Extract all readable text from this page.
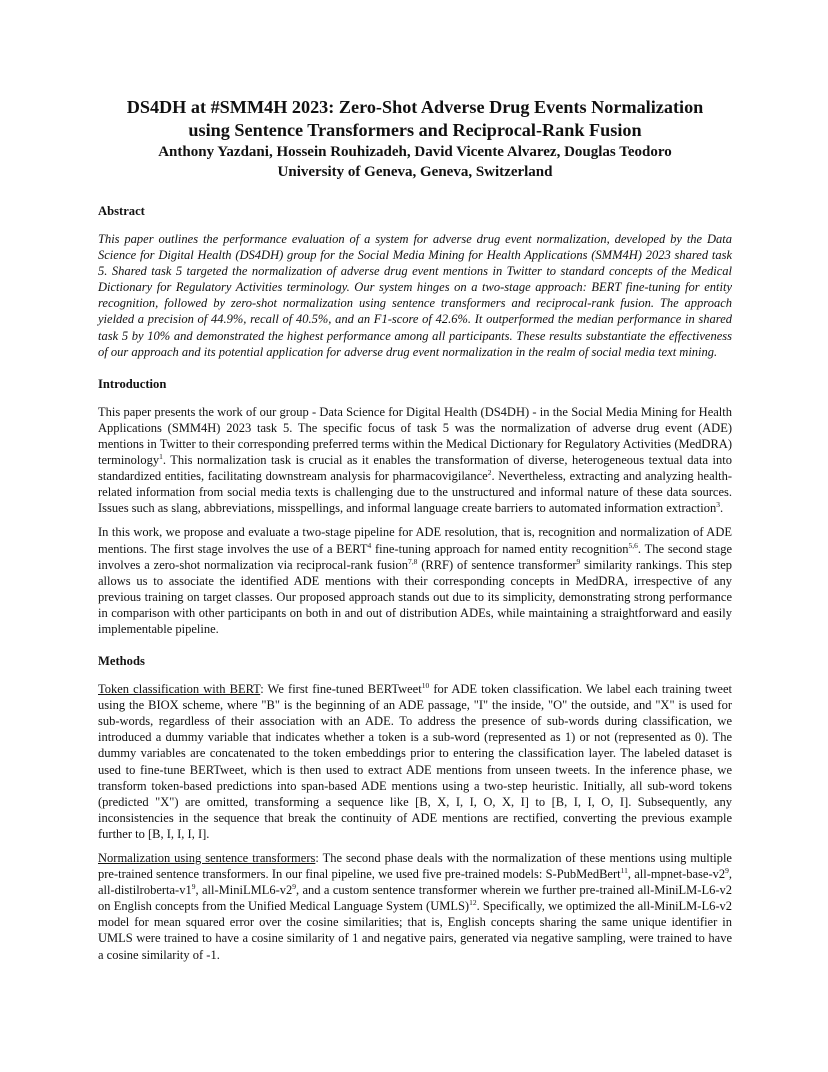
DS4DH at #SMM4H 2023: Zero-Shot Adverse Drug Events Normalization
using Sentence Transformers and Reciprocal-Rank Fusion
Anthony Yazdani, Hossein Rouhizadeh, David Vicente Alvarez, Douglas Teodoro
University of Geneva, Geneva, Switzerland
Abstract

This paper outlines the performance evaluation of a system for adverse drug event normalization, developed by the Data Science for Digital Health (DS4DH) group for the Social Media Mining for Health Applications (SMM4H) 2023 shared task 5. Shared task 5 targeted the normalization of adverse drug event mentions in Twitter to standard concepts of the Medical Dictionary for Regulatory Activities terminology. Our system hinges on a two-stage approach: BERT fine-tuning for entity recognition, followed by zero-shot normalization using sentence transformers and reciprocal-rank fusion. The approach yielded a precision of 44.9%, recall of 40.5%, and an F1-score of 42.6%. It outperformed the median performance in shared task 5 by 10% and demonstrated the highest performance among all participants. These results substantiate the effectiveness of our approach and its potential application for adverse drug event normalization in the realm of social media text mining.

Introduction

This paper presents the work of our group - Data Science for Digital Health (DS4DH) - in the Social Media Mining for Health Applications (SMM4H) 2023 task 5. The specific focus of task 5 was the normalization of adverse drug event (ADE) mentions in Twitter to their corresponding preferred terms within the Medical Dictionary for Regulatory Activities (MedDRA) terminology$^1$. This normalization task is crucial as it enables the transformation of diverse, heterogeneous textual data into standardized entities, facilitating downstream analysis for pharmacovigilance$^2$. Nevertheless, extracting and analyzing health-related information from social media texts is challenging due to the unstructured and informal nature of these data sources. Issues such as slang, abbreviations, misspellings, and informal language create barriers to automated information extraction$^3$.

In this work, we propose and evaluate a two-stage pipeline for ADE resolution, that is, recognition and normalization of ADE mentions. The first stage involves the use of a BERT$^4$ fine-tuning approach for named entity recognition$^{5,6}$. The second stage involves a zero-shot normalization via reciprocal-rank fusion$^{7,8}$ (RRF) of sentence transformer$^9$ similarity rankings. This step allows us to associate the identified ADE mentions with their corresponding concepts in MedDRA, irrespective of any previous training on target classes. Our proposed approach stands out due to its simplicity, demonstrating strong performance in comparison with other participants on both in and out of distribution ADEs, while maintaining a straightforward and easily implementable pipeline.

Methods

Token classification with BERT: We first fine-tuned BERTweet$^{10}$ for ADE token classification. We label each training tweet using the BIOX scheme, where "B" is the beginning of an ADE passage, "I" the inside, "O" the outside, and "X" is used for sub-words, regardless of their association with an ADE. To address the presence of sub-words during classification, we introduced a dummy variable that indicates whether a token is a sub-word (represented as 1) or not (represented as 0). The dummy variables are concatenated to the token embeddings prior to entering the classification layer. The labeled dataset is used to fine-tune BERTweet, which is then used to extract ADE mentions from unseen tweets. In the inference phase, we transform token-based predictions into span-based ADE mentions using a two-step heuristic. Initially, all sub-word tokens (predicted "X") are omitted, transforming a sequence like [B, X, I, I, O, X, I] to [B, I, I, O, I]. Subsequently, any inconsistencies in the sequence that break the continuity of ADE mentions are rectified, converting the previous example further to [B, I, I, I, I].

Normalization using sentence transformers: The second phase deals with the normalization of these mentions using multiple pre-trained sentence transformers. In our final pipeline, we used five pre-trained models: S-PubMedBert$^{11}$, all-$mpnet-base-v2^9$, all-$distilroberta-v1^9$, all-$MiniLML6-v2^9$, and a custom sentence transformer wherein we further pre-trained all-MiniLM-L6-v2 on English concepts from the Unified Medical Language System (UMLS)$^{12}$. Specifically, we optimized the all-MiniLM-L6-v2 model for mean squared error over the cosine similarities; that is, English concepts sharing the same unique identifier in UMLS were trained to have a cosine similarity of 1 and negative pairs, generated via negative sampling, were trained to have a cosine similarity of -1.
